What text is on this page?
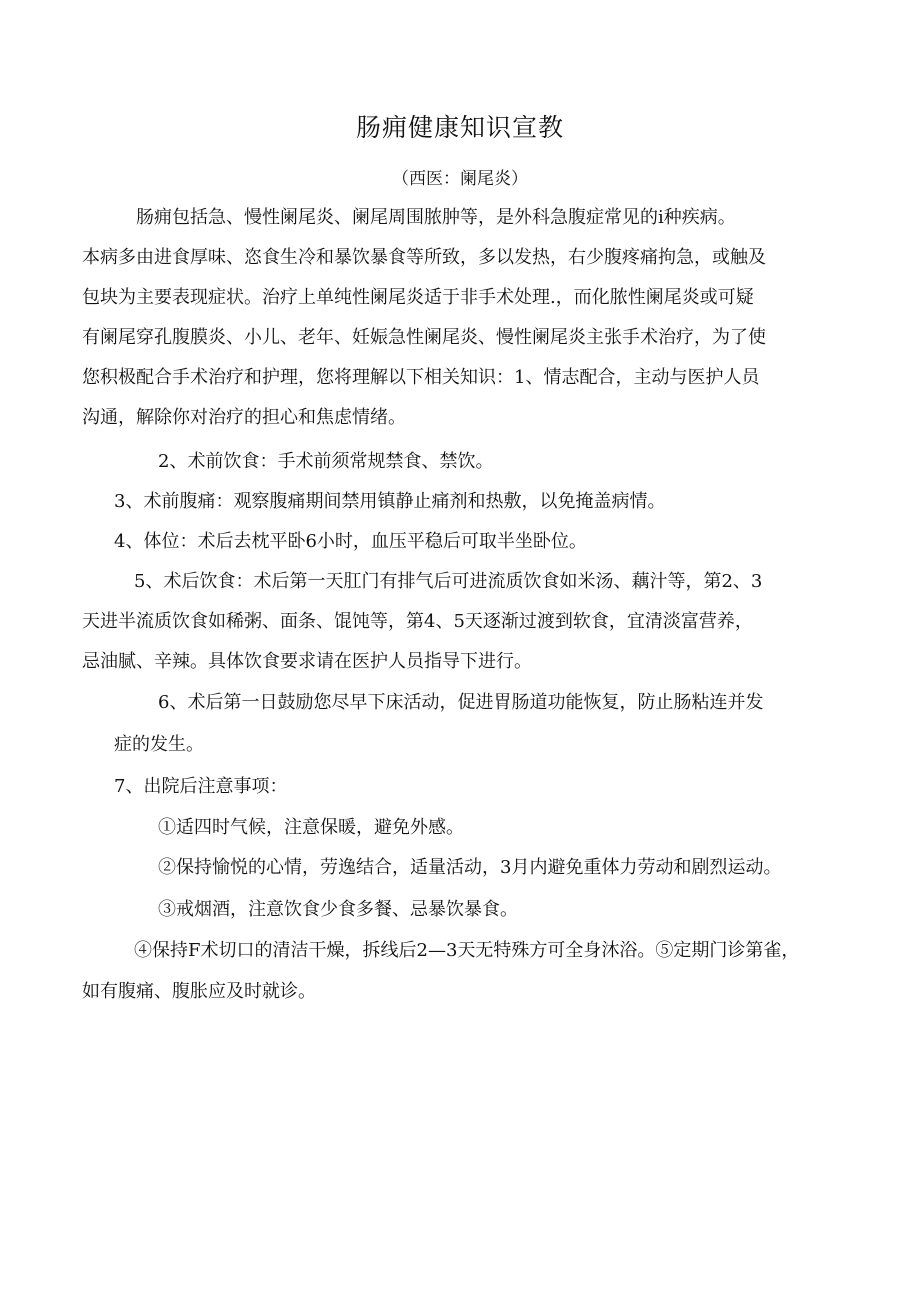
肠痈健康知识宣教

（西医：阑尾炎）

　　　肠痈包括急、慢性阑尾炎、阑尾周围脓肿等，是外科急腹症常见的i种疾病。

本病多由进食厚味、恣食生冷和暴饮暴食等所致，多以发热，右少腹疼痛拘急，或触及

包块为主要表现症状。治疗上单纯性阑尾炎适于非手术处理.，而化脓性阑尾炎或可疑

有阑尾穿孔腹膜炎、小儿、老年、妊娠急性阑尾炎、慢性阑尾炎主张手术治疗，为了使

您积极配合手术治疗和护理，您将理解以下相关知识：1、情志配合，主动与医护人员

沟通，解除你对治疗的担心和焦虑情绪。

2、术前饮食：手术前须常规禁食、禁饮。

3、术前腹痛：观察腹痛期间禁用镇静止痛剂和热敷，以免掩盖病情。

4、体位：术后去枕平卧6小时，血压平稳后可取半坐卧位。

5、术后饮食：术后第一天肛门有排气后可进流质饮食如米汤、藕汁等，第2、3

天进半流质饮食如稀粥、面条、馄饨等，第4、5天逐渐过渡到软食，宜清淡富营养，

忌油腻、辛辣。具体饮食要求请在医护人员指导下进行。

6、术后第一日鼓励您尽早下床活动，促进胃肠道功能恢复，防止肠粘连并发

症的发生。

7、出院后注意事项：

①适四时气候，注意保暖，避免外感。

②保持愉悦的心情，劳逸结合，适量活动，3月内避免重体力劳动和剧烈运动。

③戒烟酒，注意饮食少食多餐、忌暴饮暴食。

④保持F术切口的清洁干燥，拆线后2—3天无特殊方可全身沐浴。⑤定期门诊第雀，

如有腹痛、腹胀应及时就诊。
